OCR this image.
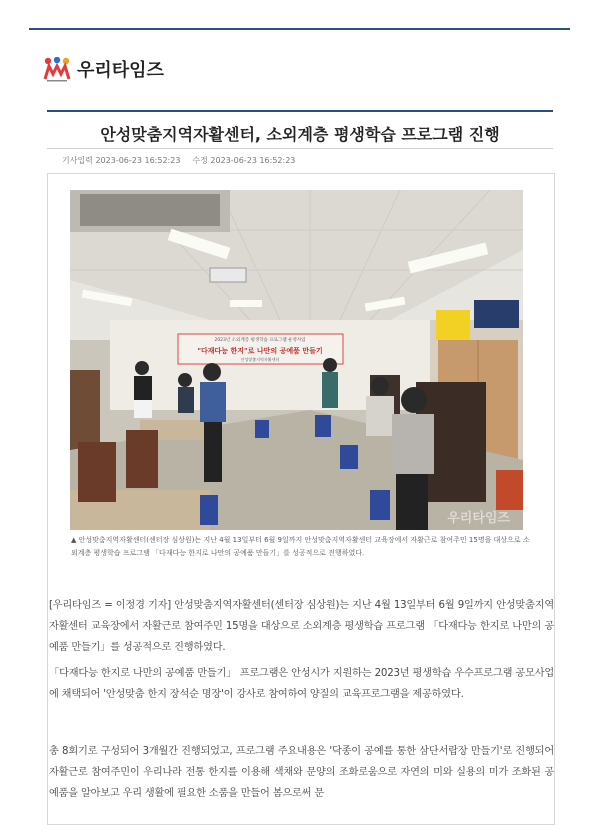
우리타임즈
안성맞춤지역자활센터, 소외계층 평생학습 프로그램 진행
기사입력 2023-06-23 16:52:23 수정 2023-06-23 16:52:23
2023년 소외계층 평생학습 프로그램 운영사업
"다재다능 한지"로 나만의 공예품 만들기
안성맞춤지역자활센터
우리타임즈
▲ 안성맞춤지역자활센터(센터장 심상원)는 지난 4월 13일부터 6월 9일까지 안성맞춤지역자활센터 교육장에서 자활근로 참여주민 15명을 대상으로 소외계층 평생학습 프로그램 「다재다능 한지로 나만의 공예품 만들기」를 성공적으로 진행하였다.
[우리타임즈 = 이정경 기자] 안성맞춤지역자활센터(센터장 심상원)는 지난 4월 13일부터 6월 9일까지 안성맞춤지역자활센터 교육장에서 자활근로 참여주민 15명을 대상으로 소외계층 평생학습 프로그램 「다재다능 한지로 나만의 공예품 만들기」를 성공적으로 진행하였다.
「다재다능 한지로 나만의 공예품 만들기」 프로그램은 안성시가 지원하는 2023년 평생학습 우수프로그램 공모사업에 채택되어 '안성맞춤 한지 장석순 명장'이 강사로 참여하여 양질의 교육프로그램을 제공하였다.
총 8회기로 구성되어 3개월간 진행되었고, 프로그램 주요내용은 '닥종이 공예를 통한 삼단서랍장 만들기'로 진행되어 자활근로 참여주민이 우리나라 전통 한지를 이용해 색채와 문양의 조화로움으로 자연의 미와 실용의 미가 조화된 공예품을 알아보고 우리 생활에 필요한 소품을 만들어 봄으로써 문
